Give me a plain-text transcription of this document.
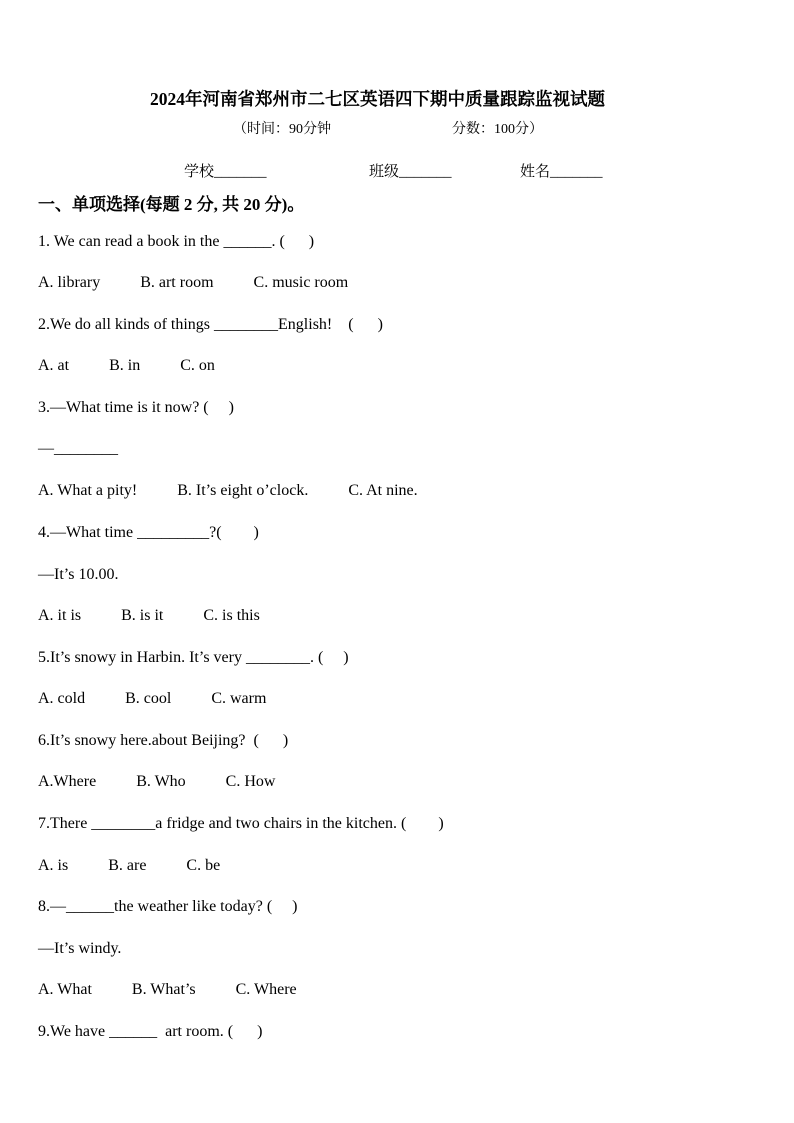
2024年河南省郑州市二七区英语四下期中质量跟踪监视试题
（时间：90分钟	分数：100分）
学校_______	班级_______	姓名_______
一、单项选择(每题 2 分, 共 20 分)。
1. We can read a book in the ______. (      )
A. library          B. art room          C. music room
2.We do all kinds of things ________English!    (      )
A. at          B. in          C. on
3.—What time is it now? (     )
—________
A. What a pity!          B. It’s eight o’clock.          C. At nine.
4.—What time _________?(        )
—It’s 10.00.
A. it is          B. is it          C. is this
5.It’s snowy in Harbin. It’s very ________. (     )
A. cold          B. cool          C. warm
6.It’s snowy here.about Beijing?  (      )
A.Where          B. Who          C. How
7.There ________a fridge and two chairs in the kitchen. (        )
A. is          B. are          C. be
8.—______the weather like today? (     )
—It’s windy.
A. What          B. What’s          C. Where
9.We have ______  art room. (      )
